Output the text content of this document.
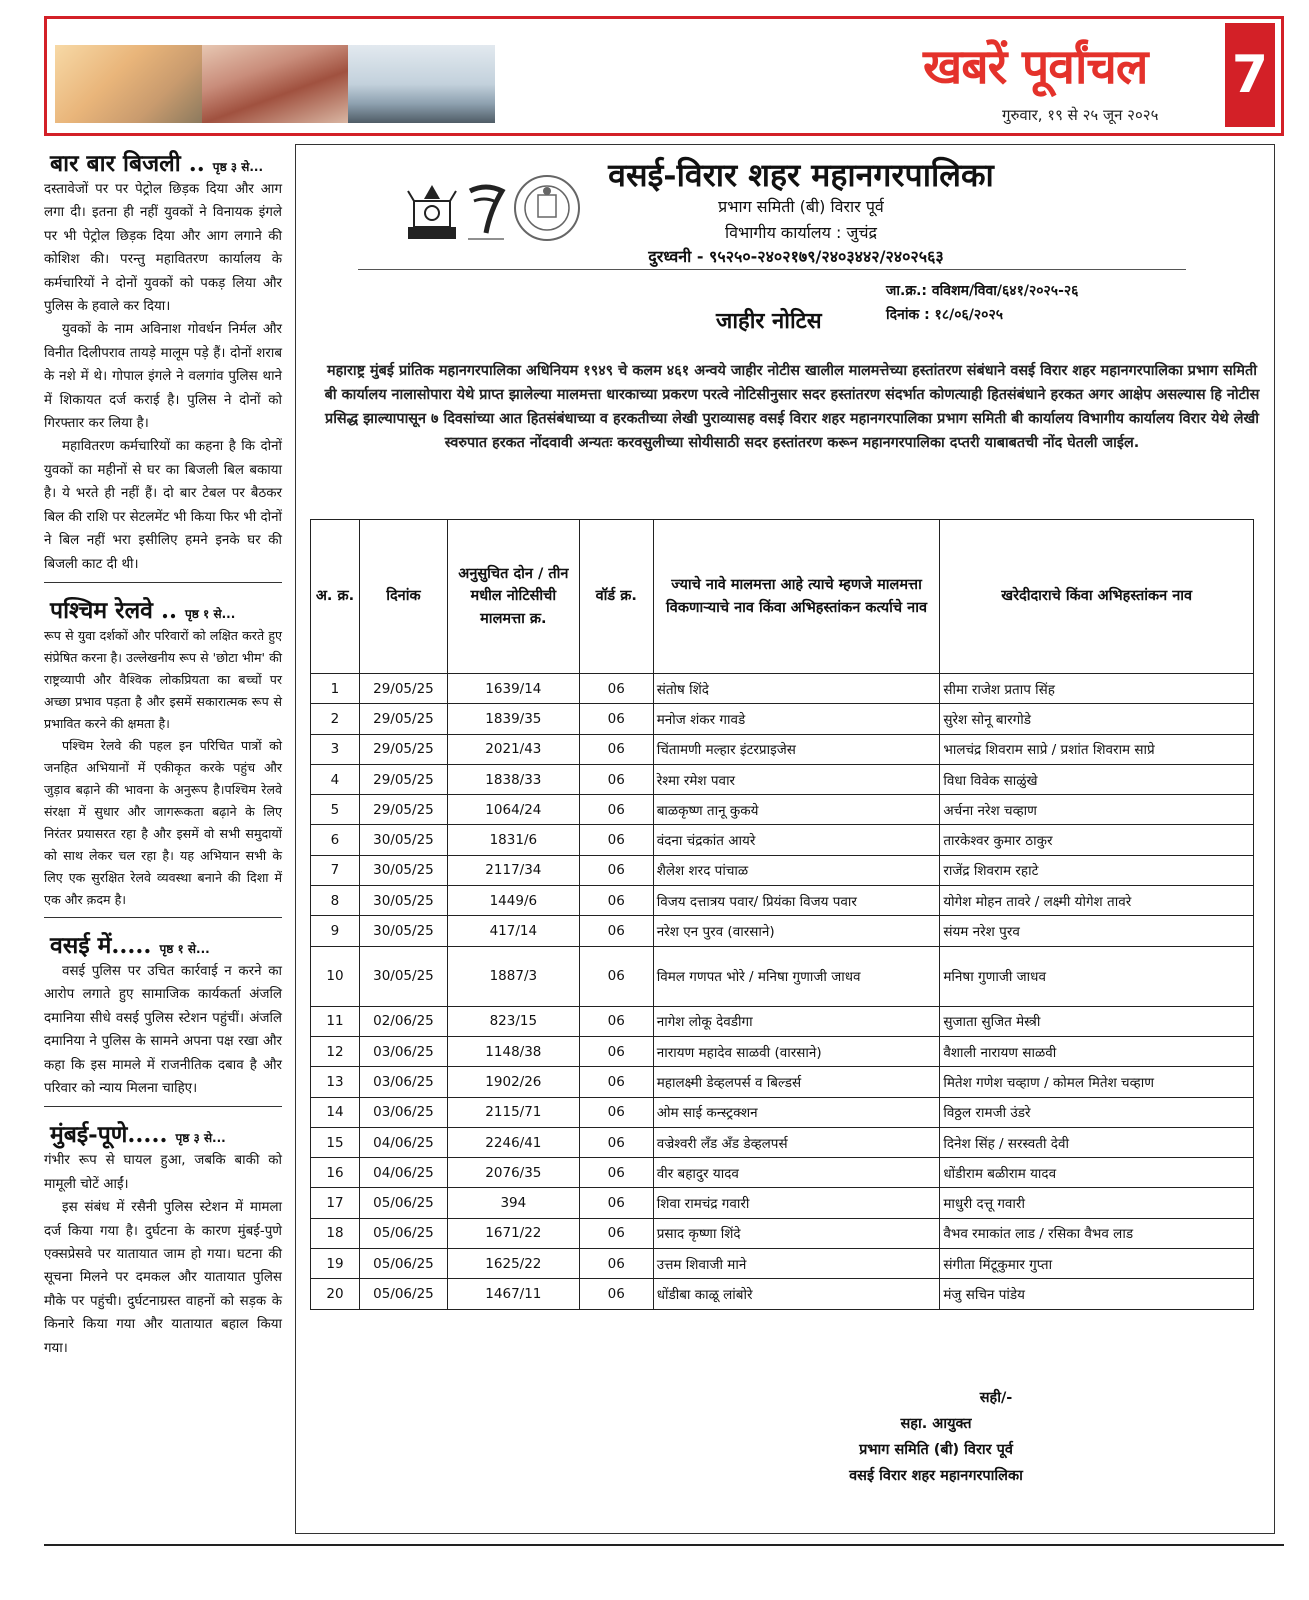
खबरें पूर्वांचल	7
गुरुवार, १९ से २५ जून २०२५
बार बार बिजली .. पृष्ठ ३ से...

दस्तावेजों पर पर पेट्रोल छिड़क दिया और आग लगा दी। इतना ही नहीं युवकों ने विनायक इंगले पर भी पेट्रोल छिड़क दिया और आग लगाने की कोशिश की। परन्तु महावितरण कार्यालय के कर्मचारियों ने दोनों युवकों को पकड़ लिया और पुलिस के हवाले कर दिया।

युवकों के नाम अविनाश गोवर्धन निर्मल और विनीत दिलीपराव ताय‌ड़े मालूम पड़े हैं। दोनों शराब के नशे में थे। गोपाल इंगले ने वलगांव पुलिस थाने में शिकायत दर्ज कराई है। पुलिस ने दोनों को गिरफ्तार कर लिया है।

महावितरण कर्मचारियों का कहना है कि दोनों युवकों का महीनों से घर का बिजली बिल बकाया है। ये भरते ही नहीं हैं। दो बार टेबल पर बैठकर बिल की राशि पर सेटलमेंट भी किया फिर भी दोनों ने बिल नहीं भरा इसीलिए हमने इनके घर की बिजली काट दी थी।

पश्चिम रेलवे .. पृष्ठ १ से...

रूप से युवा दर्शकों और परिवारों को लक्षित करते हुए संप्रेषित करना है। उल्लेखनीय रूप से 'छोटा भीम' की राष्ट्रव्यापी और वैश्विक लोकप्रियता का बच्चों पर अच्छा प्रभाव पड़ता है और इसमें सकारात्मक रूप से प्रभावित करने की क्षमता है।

पश्चिम रेलवे की पहल इन परिचित पात्रों को जनहित अभियानों में एकीकृत करके पहुंच और जुड़ाव बढ़ाने की भावना के अनुरूप है।पश्चिम रेलवे संरक्षा में सुधार और जागरूकता बढ़ाने के लिए निरंतर प्रयासरत रहा है और इसमें वो सभी समुदायों को साथ लेकर चल रहा है। यह अभियान सभी के लिए एक सुरक्षित रेलवे व्यवस्था बनाने की दिशा में एक और क़दम है।

वसई में..... पृष्ठ १ से...

वसई पुलिस पर उचित कार्रवाई न करने का आरोप लगाते हुए सामाजिक कार्यकर्ता अंजलि दमानिया सीधे वसई पुलिस स्टेशन पहुंचीं। अंजलि दमानिया ने पुलिस के सामने अपना पक्ष रखा और कहा कि इस मामले में राजनीतिक दबाव है और परिवार को न्याय मिलना चाहिए।

मुंबई-पूणे..... पृष्ठ ३ से...

गंभीर रूप से घायल हुआ, जबकि बाकी को मामूली चोटें आईं।

इस संबंध में रसैनी पुलिस स्टेशन में मामला दर्ज किया गया है। दुर्घटना के कारण मुंबई-पुणे एक्सप्रेसवे पर यातायात जाम हो गया। घटना की सूचना मिलने पर दमकल और यातायात पुलिस मौके पर पहुंची। दुर्घटनाग्रस्त वाहनों को सड़क के किनारे किया गया और यातायात बहाल किया गया।

वसई-विरार शहर महानगरपालिका
प्रभाग समिती (बी) विरार पूर्व
विभागीय कार्यालय : जुचंद्र
दुरध्वनी - ९५२५०-२४०२१७९/२४०३४४२/२४०२५६३
जा.क्र.: वविशम/विवा/६४१/२०२५-२६
दिनांक : १८/०६/२०२५
जाहीर नोटिस

महाराष्ट्र मुंबई प्रांतिक महानगरपालिका अधिनियम १९४९ चे कलम ४६१ अन्वये जाहीर नोटीस खालील मालमत्तेच्या हस्तांतरण संबंधाने वसई विरार शहर महानगरपालिका प्रभाग समिती बी कार्यालय नालासोपारा येथे प्राप्त झालेल्या मालमत्ता धारकाच्या प्रकरण परत्वे नोटिसीनुसार सदर हस्तांतरण संदर्भात कोणत्याही हितसंबंधाने हरकत अगर आक्षेप असल्यास हि नोटीस प्रसिद्ध झाल्यापासून ७ दिवसांच्या आत हितसंबंधाच्या व हरकतीच्या लेखी पुराव्यासह वसई विरार शहर महानगरपालिका प्रभाग समिती बी कार्यालय विभागीय कार्यालय विरार येथे लेखी स्वरुपात हरकत नोंदवावी अन्यतः करवसुलीच्या सोयीसाठी सदर हस्तांतरण करून महानगरपालिका दप्तरी याबाबतची नोंद घेतली जाईल.

अ. क्र.	दिनांक	अनुसुचित दोन / तीन मधील नोटिसीची मालमत्ता क्र.	वॉर्ड क्र.	ज्याचे नावे मालमत्ता आहे त्याचे म्हणजे मालमत्ता विकणाऱ्याचे नाव किंवा अभिहस्तांकन कर्त्याचे नाव	खरेदीदाराचे किंवा अभिहस्तांकन नाव
1	29/05/25	1639/14	06	संतोष शिंदे	सीमा राजेश प्रताप सिंह
2	29/05/25	1839/35	06	मनोज शंकर गावडे	सुरेश सोनू बारगोडे
3	29/05/25	2021/43	06	चिंतामणी मल्हार इंटरप्राइजेस	भालचंद्र शिवराम साप्रे / प्रशांत शिवराम साप्रे
4	29/05/25	1838/33	06	रेश्मा रमेश पवार	विधा विवेक साळुंखे
5	29/05/25	1064/24	06	बाळकृष्ण तानू कुकये	अर्चना नरेश चव्हाण
6	30/05/25	1831/6	06	वंदना चंद्रकांत आयरे	तारकेश्वर कुमार ठाकुर
7	30/05/25	2117/34	06	शैलेश शरद पांचाळ	राजेंद्र शिवराम रहाटे
8	30/05/25	1449/6	06	विजय दत्तात्रय पवार/ प्रियंका विजय पवार	योगेश मोहन तावरे / लक्ष्मी योगेश तावरे
9	30/05/25	417/14	06	नरेश एन पुरव (वारसाने)	संयम नरेश पुरव
10	30/05/25	1887/3	06	विमल गणपत भोरे / मनिषा गुणाजी जाधव	मनिषा गुणाजी जाधव
11	02/06/25	823/15	06	नागेश लोकू देवडीगा	सुजाता सुजित मेस्त्री
12	03/06/25	1148/38	06	नारायण महादेव साळवी (वारसाने)	वैशाली नारायण साळवी
13	03/06/25	1902/26	06	महालक्ष्मी डेव्हलपर्स व बिल्डर्स	मितेश गणेश चव्हाण / कोमल मितेश चव्हाण
14	03/06/25	2115/71	06	ओम साई कन्स्ट्रक्शन	विठ्ठल रामजी उंडरे
15	04/06/25	2246/41	06	वज्रेश्वरी लँड अँड डेव्हलपर्स	दिनेश सिंह / सरस्वती देवी
16	04/06/25	2076/35	06	वीर बहादुर यादव	धोंडीराम बळीराम यादव
17	05/06/25	394	06	शिवा रामचंद्र गवारी	माधुरी दत्तू गवारी
18	05/06/25	1671/22	06	प्रसाद कृष्णा शिंदे	वैभव रमाकांत लाड / रसिका वैभव लाड
19	05/06/25	1625/22	06	उत्तम शिवाजी माने	संगीता मिंटूकुमार गुप्ता
20	05/06/25	1467/11	06	धोंडीबा काळू लांबोरे	मंजु सचिन पांडेय
सही/-
सहा. आयुक्त
प्रभाग समिति (बी) विरार पूर्व
वसई विरार शहर महानगरपालिका
